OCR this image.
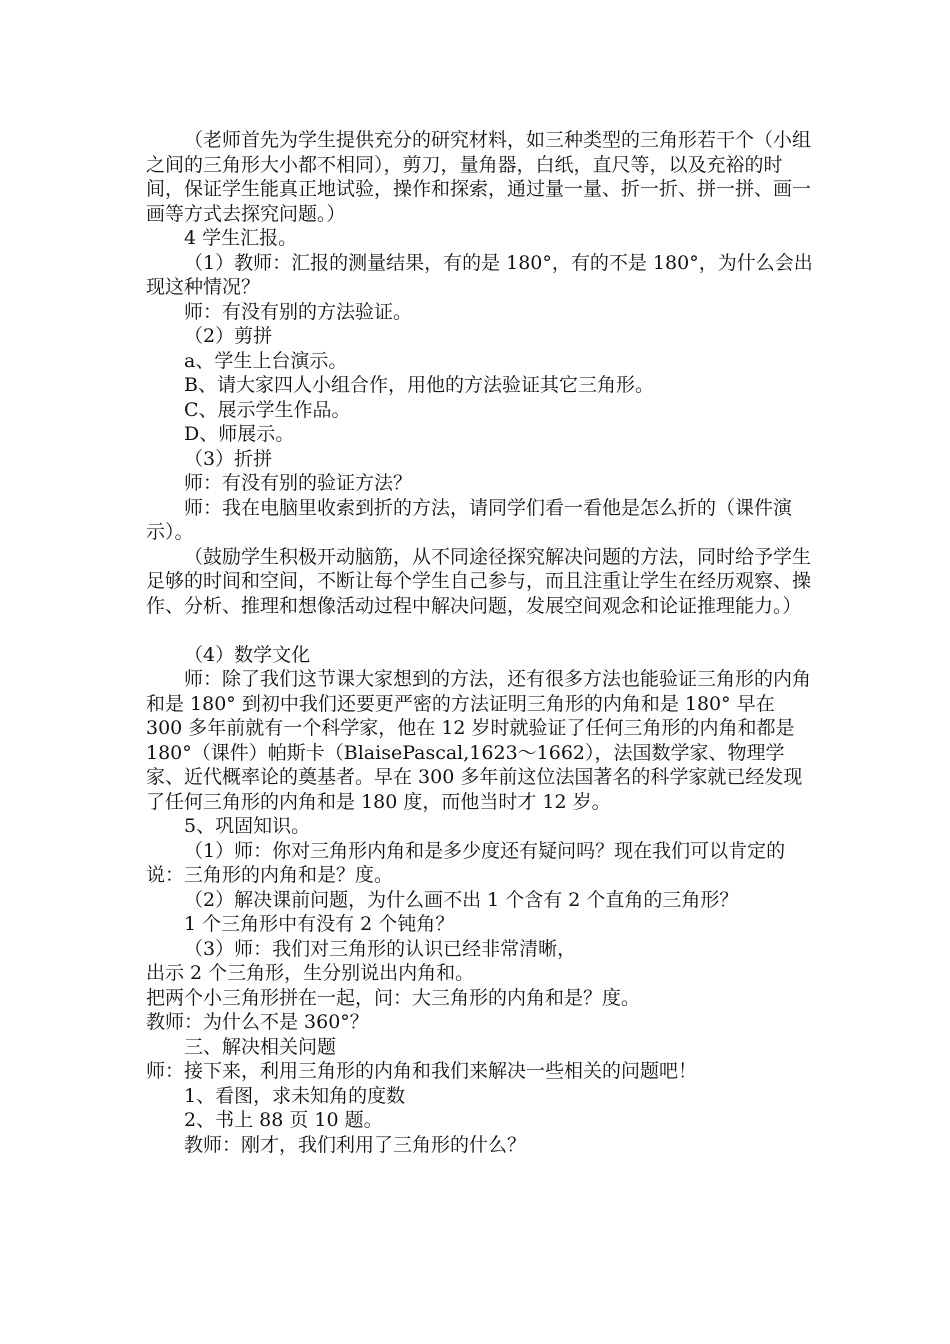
（老师首先为学生提供充分的研究材料，如三种类型的三角形若干个（小组之间的三角形大小都不相同），剪刀，量角器，白纸，直尺等，以及充裕的时间，保证学生能真正地试验，操作和探索，通过量一量、折一折、拼一拼、画一画等方式去探究问题。）

4 学生汇报。

（1）教师：汇报的测量结果，有的是 180°，有的不是 180°，为什么会出现这种情况？

师：有没有别的方法验证。

（2）剪拼

a、学生上台演示。

B、请大家四人小组合作，用他的方法验证其它三角形。

C、展示学生作品。

D、师展示。

（3）折拼

师：有没有别的验证方法？

师：我在电脑里收索到折的方法，请同学们看一看他是怎么折的（课件演示）。

（鼓励学生积极开动脑筋，从不同途径探究解决问题的方法，同时给予学生足够的时间和空间，不断让每个学生自己参与，而且注重让学生在经历观察、操作、分析、推理和想像活动过程中解决问题，发展空间观念和论证推理能力。）

（4）数学文化

师：除了我们这节课大家想到的方法，还有很多方法也能验证三角形的内角和是 180° 到初中我们还要更严密的方法证明三角形的内角和是 180° 早在 300 多年前就有一个科学家，他在 12 岁时就验证了任何三角形的内角和都是 180°（课件）帕斯卡（BlaisePascal,1623～1662），法国数学家、物理学家、近代概率论的奠基者。早在 300 多年前这位法国著名的科学家就已经发现了任何三角形的内角和是 180 度，而他当时才 12 岁。

5、巩固知识。

（1）师：你对三角形内角和是多少度还有疑问吗？现在我们可以肯定的说：三角形的内角和是？度。

（2）解决课前问题，为什么画不出 1 个含有 2 个直角的三角形？

1 个三角形中有没有 2 个钝角？

（3）师：我们对三角形的认识已经非常清晰，

出示 2 个三角形，生分别说出内角和。

把两个小三角形拼在一起，问：大三角形的内角和是？度。

教师：为什么不是 360°？

三、解决相关问题

师：接下来，利用三角形的内角和我们来解决一些相关的问题吧！

1、看图，求未知角的度数

2、书上 88 页 10 题。

教师：刚才，我们利用了三角形的什么？
